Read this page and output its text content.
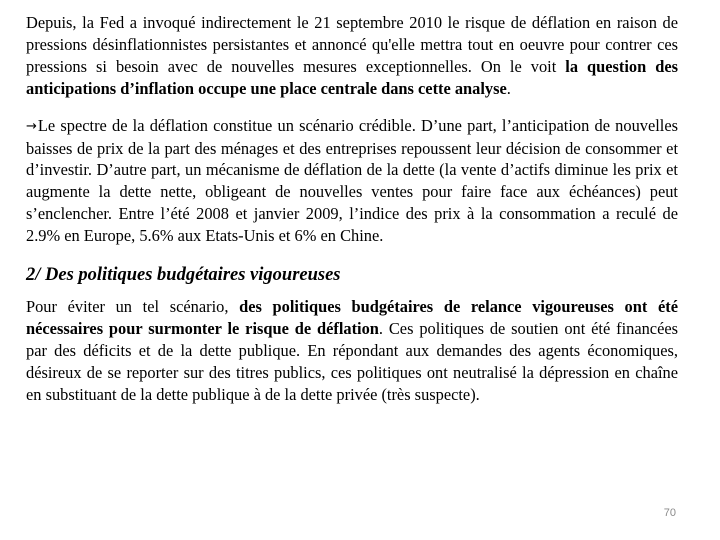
Depuis, la Fed a invoqué indirectement le 21 septembre 2010 le risque de déflation en raison de pressions désinflationnistes persistantes et annoncé qu'elle mettra tout en oeuvre pour contrer ces pressions si besoin avec de nouvelles mesures exceptionnelles. On le voit la question des anticipations d’inflation occupe une place centrale dans cette analyse.

→Le spectre de la déflation constitue un scénario crédible. D’une part, l’anticipation de nouvelles baisses de prix de la part des ménages et des entreprises repoussent leur décision de consommer et d’investir. D’autre part, un mécanisme de déflation de la dette (la vente d’actifs diminue les prix et augmente la dette nette, obligeant de nouvelles ventes pour faire face aux échéances) peut s’enclencher. Entre l’été 2008 et janvier 2009, l’indice des prix à la consommation a reculé de 2.9% en Europe, 5.6% aux Etats-Unis et 6% en Chine.

2/ Des politiques budgétaires vigoureuses

Pour éviter un tel scénario, des politiques budgétaires de relance vigoureuses ont été nécessaires pour surmonter le risque de déflation. Ces politiques de soutien ont été financées par des déficits et de la dette publique. En répondant aux demandes des agents économiques, désireux de se reporter sur des titres publics, ces politiques ont neutralisé la dépression en chaîne en substituant de la dette publique à de la dette privée (très suspecte).

70
